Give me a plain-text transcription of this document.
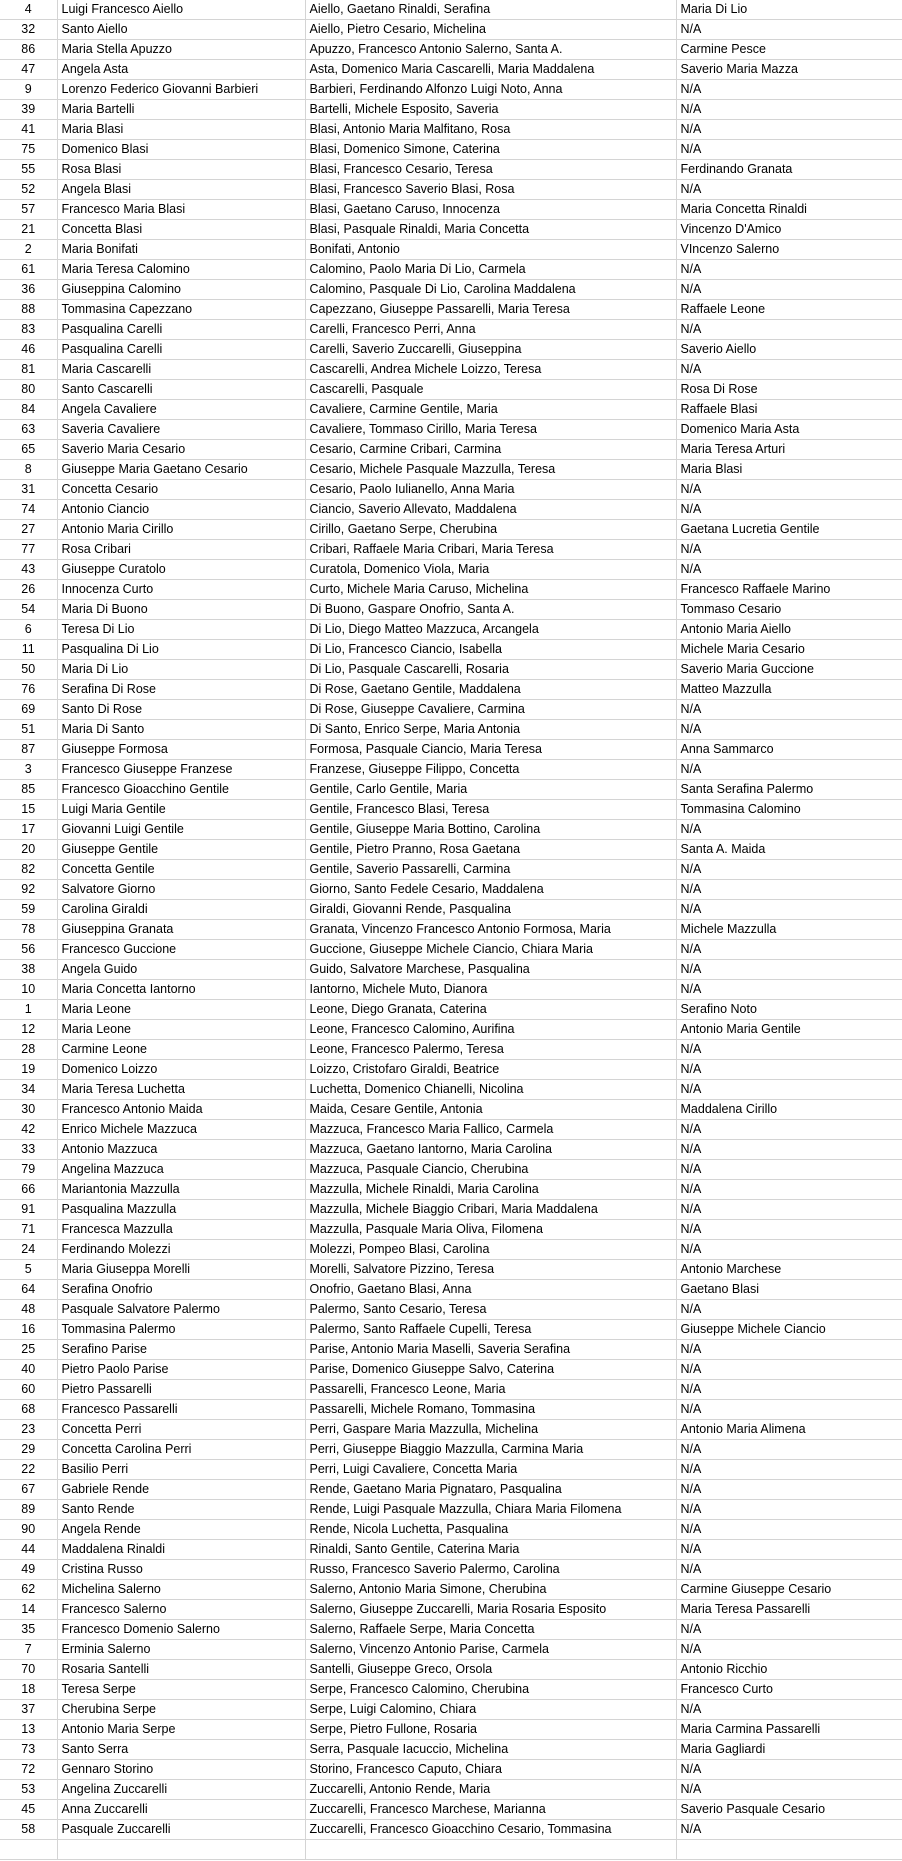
4	Luigi Francesco Aiello	Aiello, Gaetano Rinaldi, Serafina	Maria Di Lio
32	Santo Aiello	Aiello, Pietro Cesario, Michelina	N/A
86	Maria Stella Apuzzo	Apuzzo, Francesco Antonio Salerno, Santa A.	Carmine Pesce
47	Angela Asta	Asta, Domenico Maria Cascarelli, Maria Maddalena	Saverio Maria Mazza
9	Lorenzo Federico Giovanni Barbieri	Barbieri, Ferdinando Alfonzo Luigi Noto, Anna	N/A
39	Maria Bartelli	Bartelli, Michele Esposito, Saveria	N/A
41	Maria Blasi	Blasi, Antonio Maria Malfitano, Rosa	N/A
75	Domenico Blasi	Blasi, Domenico Simone, Caterina	N/A
55	Rosa Blasi	Blasi, Francesco Cesario, Teresa	Ferdinando Granata
52	Angela Blasi	Blasi, Francesco Saverio Blasi, Rosa	N/A
57	Francesco Maria Blasi	Blasi, Gaetano Caruso, Innocenza	Maria Concetta Rinaldi
21	Concetta Blasi	Blasi, Pasquale Rinaldi, Maria Concetta	Vincenzo D'Amico
2	Maria Bonifati	Bonifati, Antonio	VIncenzo Salerno
61	Maria Teresa Calomino	Calomino, Paolo Maria Di Lio, Carmela	N/A
36	Giuseppina Calomino	Calomino, Pasquale Di Lio, Carolina Maddalena	N/A
88	Tommasina Capezzano	Capezzano, Giuseppe Passarelli, Maria Teresa	Raffaele Leone
83	Pasqualina Carelli	Carelli, Francesco Perri, Anna	N/A
46	Pasqualina Carelli	Carelli, Saverio Zuccarelli, Giuseppina	Saverio Aiello
81	Maria Cascarelli	Cascarelli, Andrea Michele Loizzo, Teresa	N/A
80	Santo Cascarelli	Cascarelli, Pasquale	Rosa Di Rose
84	Angela Cavaliere	Cavaliere, Carmine Gentile, Maria	Raffaele Blasi
63	Saveria Cavaliere	Cavaliere, Tommaso Cirillo, Maria Teresa	Domenico Maria Asta
65	Saverio Maria Cesario	Cesario, Carmine Cribari, Carmina	Maria Teresa Arturi
8	Giuseppe Maria Gaetano Cesario	Cesario, Michele Pasquale Mazzulla, Teresa	Maria Blasi
31	Concetta Cesario	Cesario, Paolo Iulianello, Anna Maria	N/A
74	Antonio Ciancio	Ciancio, Saverio Allevato, Maddalena	N/A
27	Antonio Maria Cirillo	Cirillo, Gaetano Serpe, Cherubina	Gaetana Lucretia Gentile
77	Rosa Cribari	Cribari, Raffaele Maria Cribari, Maria Teresa	N/A
43	Giuseppe Curatolo	Curatola, Domenico Viola, Maria	N/A
26	Innocenza Curto	Curto, Michele Maria Caruso, Michelina	Francesco Raffaele Marino
54	Maria Di Buono	Di Buono, Gaspare Onofrio, Santa A.	Tommaso Cesario
6	Teresa Di Lio	Di Lio, Diego Matteo Mazzuca, Arcangela	Antonio Maria Aiello
11	Pasqualina Di Lio	Di Lio, Francesco Ciancio, Isabella	Michele Maria Cesario
50	Maria Di Lio	Di Lio, Pasquale Cascarelli, Rosaria	Saverio Maria Guccione
76	Serafina Di Rose	Di Rose, Gaetano Gentile, Maddalena	Matteo Mazzulla
69	Santo Di Rose	Di Rose, Giuseppe Cavaliere, Carmina	N/A
51	Maria Di Santo	Di Santo, Enrico Serpe, Maria Antonia	N/A
87	Giuseppe Formosa	Formosa, Pasquale Ciancio, Maria Teresa	Anna Sammarco
3	Francesco Giuseppe Franzese	Franzese, Giuseppe Filippo, Concetta	N/A
85	Francesco Gioacchino Gentile	Gentile, Carlo Gentile, Maria	Santa Serafina Palermo
15	Luigi Maria Gentile	Gentile, Francesco Blasi, Teresa	Tommasina Calomino
17	Giovanni Luigi Gentile	Gentile, Giuseppe Maria Bottino, Carolina	N/A
20	Giuseppe Gentile	Gentile, Pietro Pranno, Rosa Gaetana	Santa A. Maida
82	Concetta Gentile	Gentile, Saverio Passarelli, Carmina	N/A
92	Salvatore Giorno	Giorno, Santo Fedele Cesario, Maddalena	N/A
59	Carolina Giraldi	Giraldi, Giovanni Rende, Pasqualina	N/A
78	Giuseppina Granata	Granata, Vincenzo Francesco Antonio Formosa, Maria	Michele Mazzulla
56	Francesco Guccione	Guccione, Giuseppe Michele Ciancio, Chiara Maria	N/A
38	Angela Guido	Guido, Salvatore Marchese, Pasqualina	N/A
10	Maria Concetta Iantorno	Iantorno, Michele Muto, Dianora	N/A
1	Maria Leone	Leone, Diego Granata, Caterina	Serafino Noto
12	Maria Leone	Leone, Francesco Calomino, Aurifina	Antonio Maria Gentile
28	Carmine Leone	Leone, Francesco Palermo, Teresa	N/A
19	Domenico Loizzo	Loizzo, Cristofaro Giraldi, Beatrice	N/A
34	Maria Teresa Luchetta	Luchetta, Domenico Chianelli, Nicolina	N/A
30	Francesco Antonio Maida	Maida, Cesare Gentile, Antonia	Maddalena Cirillo
42	Enrico Michele Mazzuca	Mazzuca, Francesco Maria Fallico, Carmela	N/A
33	Antonio Mazzuca	Mazzuca, Gaetano Iantorno, Maria Carolina	N/A
79	Angelina Mazzuca	Mazzuca, Pasquale Ciancio, Cherubina	N/A
66	Mariantonia Mazzulla	Mazzulla, Michele Rinaldi, Maria Carolina	N/A
91	Pasqualina Mazzulla	Mazzulla, Michele Biaggio Cribari, Maria Maddalena	N/A
71	Francesca Mazzulla	Mazzulla, Pasquale Maria Oliva, Filomena	N/A
24	Ferdinando Molezzi	Molezzi, Pompeo Blasi, Carolina	N/A
5	Maria Giuseppa Morelli	Morelli, Salvatore Pizzino, Teresa	Antonio Marchese
64	Serafina Onofrio	Onofrio, Gaetano Blasi, Anna	Gaetano Blasi
48	Pasquale Salvatore Palermo	Palermo, Santo Cesario, Teresa	N/A
16	Tommasina Palermo	Palermo, Santo Raffaele Cupelli, Teresa	Giuseppe Michele Ciancio
25	Serafino Parise	Parise, Antonio Maria Maselli, Saveria Serafina	N/A
40	Pietro Paolo Parise	Parise, Domenico Giuseppe Salvo, Caterina	N/A
60	Pietro Passarelli	Passarelli, Francesco Leone, Maria	N/A
68	Francesco Passarelli	Passarelli, Michele Romano, Tommasina	N/A
23	Concetta Perri	Perri, Gaspare Maria Mazzulla, Michelina	Antonio Maria Alimena
29	Concetta Carolina Perri	Perri, Giuseppe Biaggio Mazzulla, Carmina Maria	N/A
22	Basilio Perri	Perri, Luigi Cavaliere, Concetta Maria	N/A
67	Gabriele Rende	Rende, Gaetano Maria Pignataro, Pasqualina	N/A
89	Santo Rende	Rende, Luigi Pasquale Mazzulla, Chiara Maria Filomena	N/A
90	Angela Rende	Rende, Nicola Luchetta, Pasqualina	N/A
44	Maddalena Rinaldi	Rinaldi, Santo Gentile, Caterina Maria	N/A
49	Cristina Russo	Russo, Francesco Saverio Palermo, Carolina	N/A
62	Michelina Salerno	Salerno, Antonio Maria Simone, Cherubina	Carmine Giuseppe Cesario
14	Francesco Salerno	Salerno, Giuseppe Zuccarelli, Maria Rosaria Esposito	Maria Teresa Passarelli
35	Francesco Domenio Salerno	Salerno, Raffaele Serpe, Maria Concetta	N/A
7	Erminia Salerno	Salerno, Vincenzo Antonio Parise, Carmela	N/A
70	Rosaria Santelli	Santelli, Giuseppe Greco, Orsola	Antonio Ricchio
18	Teresa Serpe	Serpe, Francesco Calomino, Cherubina	Francesco Curto
37	Cherubina Serpe	Serpe, Luigi Calomino, Chiara	N/A
13	Antonio Maria Serpe	Serpe, Pietro Fullone, Rosaria	Maria Carmina Passarelli
73	Santo Serra	Serra, Pasquale Iacuccio, Michelina	Maria Gagliardi
72	Gennaro Storino	Storino, Francesco Caputo, Chiara	N/A
53	Angelina Zuccarelli	Zuccarelli, Antonio Rende, Maria	N/A
45	Anna Zuccarelli	Zuccarelli, Francesco Marchese, Marianna	Saverio Pasquale Cesario
58	Pasquale Zuccarelli	Zuccarelli, Francesco Gioacchino Cesario, Tommasina	N/A
